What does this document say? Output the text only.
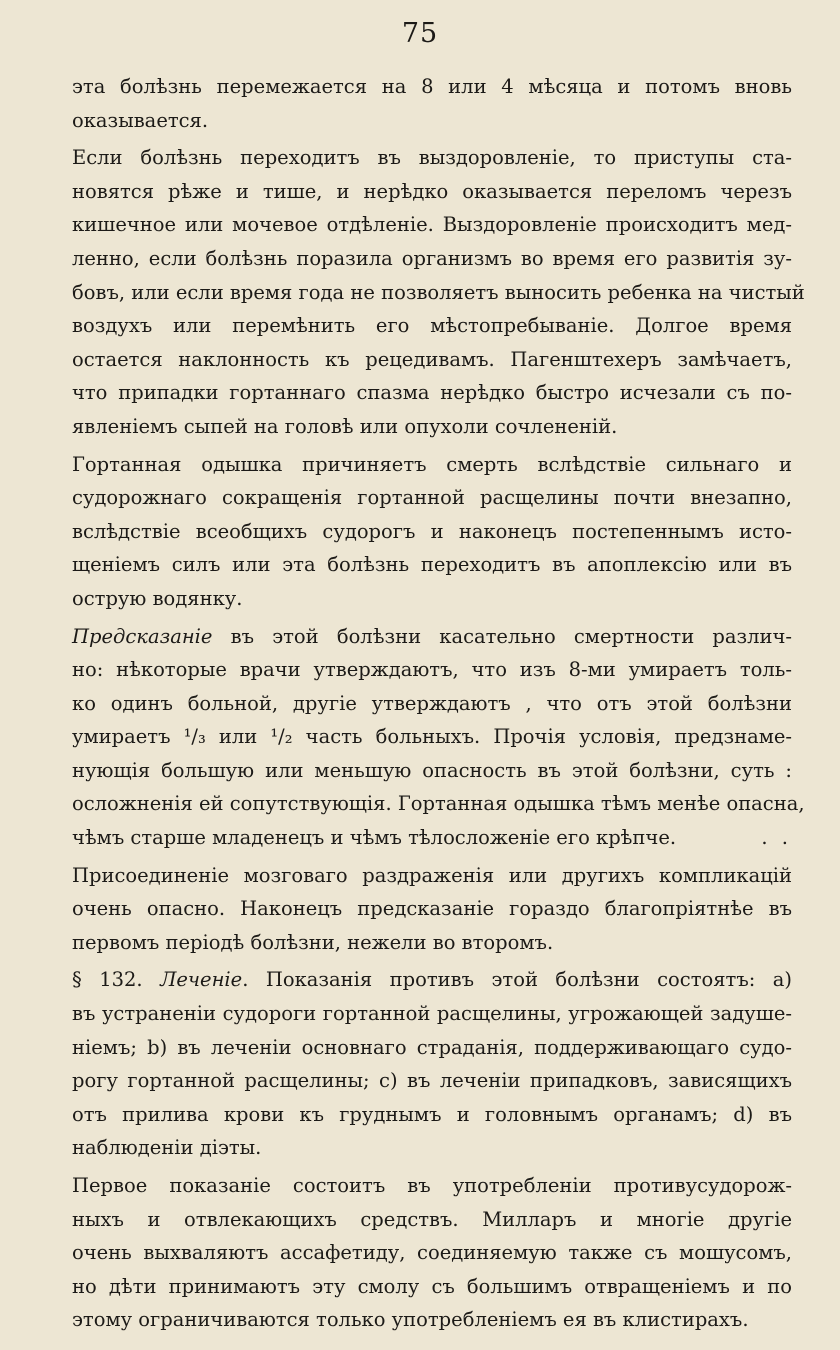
75
эта болѣзнь перемежается на 8 или 4 мѣсяца и потомъ вновь
оказывается.
Если болѣзнь переходитъ въ выздоровленіе, то приступы ста-
новятся рѣже и тише, и нерѣдко оказывается переломъ черезъ
кишечное или мочевое отдѣленіе. Выздоровленіе происходитъ мед-
ленно, если болѣзнь поразила организмъ во время его развитія зу-
бовъ, или если время года не позволяетъ выносить ребенка на чистый
воздухъ или перемѣнить его мѣстопребываніе. Долгое время
остается наклонность къ рецедивамъ. Пагенштехеръ замѣчаетъ,
что припадки гортаннаго спазма нерѣдко быстро исчезали съ по-
явленіемъ сыпей на головѣ или опухоли сочлененій.
Гортанная одышка причиняетъ смерть вслѣдствіе сильнаго и
судорожнаго сокращенія гортанной расщелины почти внезапно,
вслѣдствіе всеобщихъ судорогъ и наконецъ постепеннымъ исто-
щеніемъ силъ или эта болѣзнь переходитъ въ апоплексію или въ
острую водянку.
Предсказаніе въ этой болѣзни касательно смертности различ-
но: нѣкоторые врачи утверждаютъ, что изъ 8-ми умираетъ толь-
ко одинъ больной, другіе утверждаютъ , что отъ этой болѣзни
умираетъ ¹/₃ или ¹/₂ часть больныхъ. Прочія условія, предзнаме-
нующія большую или меньшую опасность въ этой болѣзни, суть :
осложненія ей сопутствующія. Гортанная одышка тѣмъ менѣе опасна,
чѣмъ старше младенецъ и чѣмъ тѣлосложеніе его крѣпче.	. .
Присоединеніе мозговаго раздраженія или другихъ компликацій
очень опасно. Наконецъ предсказаніе гораздо благопріятнѣе въ
первомъ періодѣ болѣзни, нежели во второмъ.
§ 132. Леченіе. Показанія противъ этой болѣзни состоятъ: a)
въ устраненіи судороги гортанной расщелины, угрожающей задуше-
ніемъ; b) въ леченіи основнаго страданія, поддерживающаго судо-
рогу гортанной расщелины; c) въ леченіи припадковъ, зависящихъ
отъ прилива крови къ груднымъ и головнымъ органамъ; d) въ
наблюденіи діэты.
Первое показаніе состоитъ въ употребленіи противусудорож-
ныхъ и отвлекающихъ средствъ. Милларъ и многіе другіе
очень выхваляютъ ассафетиду, соединяемую также съ мошусомъ,
но дѣти принимаютъ эту смолу съ большимъ отвращеніемъ и по
этому ограничиваются только употребленіемъ ея въ клистирахъ.
